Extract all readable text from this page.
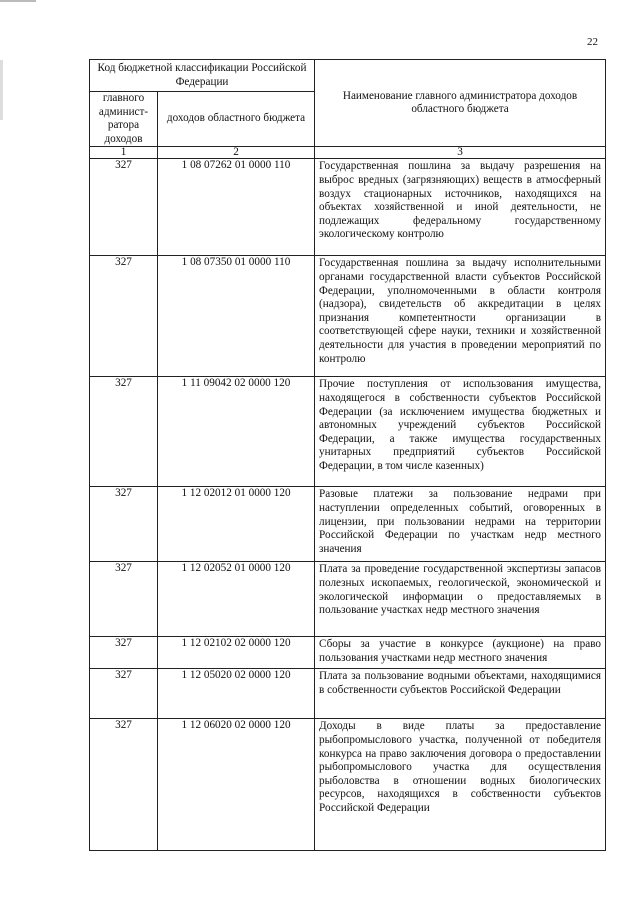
22
Код бюджетной классификации Российской Федерации		Наименование главного администратора доходов областного бюджета
главного админист-ратора доходов	доходов областного бюджета	
1	2	3
327	1 08 07262 01 0000 110	Государственная пошлина за выдачу разрешения на выброс вредных (загрязняющих) веществ в атмосферный воздух стационарных источников, находящихся на объектах хозяйственной и иной деятельности, не подлежащих федеральному государственному экологическому контролю
327	1 08 07350 01 0000 110	Государственная пошлина за выдачу исполнительными органами государственной власти субъектов Российской Федерации, уполномоченными в области контроля (надзора), свидетельств об аккредитации в целях признания компетентности организации в соответствующей сфере науки, техники и хозяйственной деятельности для участия в проведении мероприятий по контролю
327	1 11 09042 02 0000 120	Прочие поступления от использования имущества, находящегося в собственности субъектов Российской Федерации (за исключением имущества бюджетных и автономных учреждений субъектов Российской Федерации, а также имущества государственных унитарных предприятий субъектов Российской Федерации, в том числе казенных)
327	1 12 02012 01 0000 120	Разовые платежи за пользование недрами при наступлении определенных событий, оговоренных в лицензии, при пользовании недрами на территории Российской Федерации по участкам недр местного значения
327	1 12 02052 01 0000 120	Плата за проведение государственной экспертизы запасов полезных ископаемых, геологической, экономической и экологической информации о предоставляемых в пользование участках недр местного значения
327	1 12 02102 02 0000 120	Сборы за участие в конкурсе (аукционе) на право пользования участками недр местного значения
327	1 12 05020 02 0000 120	Плата за пользование водными объектами, находящимися в собственности субъектов Российской Федерации
327	1 12 06020 02 0000 120	Доходы в виде платы за предоставление рыбопромыслового участка, полученной от победителя конкурса на право заключения договора о предоставлении рыбопромыслового участка для осуществления рыболовства в отношении водных биологических ресурсов, находящихся в собственности субъектов Российской Федерации
